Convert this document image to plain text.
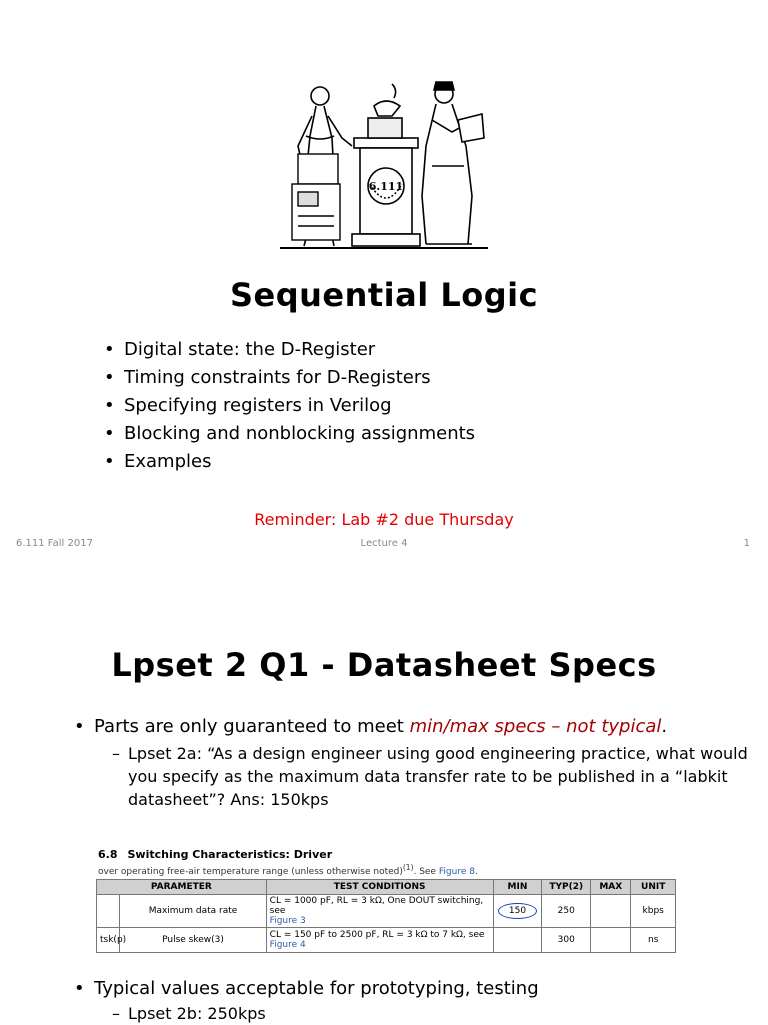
6.111
Sequential Logic
• Digital state: the D-Register
• Timing constraints for D-Registers
• Specifying registers in Verilog
• Blocking and nonblocking assignments
• Examples
Reminder: Lab #2 due Thursday
6.111 Fall 2017	Lecture 4	1
Lpset 2 Q1 - Datasheet Specs
• Parts are only guaranteed to meet min/max specs – not typical.
– Lpset 2a: “As a design engineer using good engineering practice, what would you specify as the maximum data transfer rate to be published in a “labkit datasheet”? Ans: 150kps
6.8 Switching Characteristics: Driver
over operating free-air temperature range (unless otherwise noted)$^{(1)}$. See Figure 8.
PARAMETER		TEST CONDITIONS	MIN	TYP(2)	MAX	UNIT
	Maximum data rate	CL = 1000 pF, RL = 3 kΩ, One DOUT switching, see
Figure 3	150	250		kbps
tsk(p)	Pulse skew(3)	CL = 150 pF to 2500 pF, RL = 3 kΩ to 7 kΩ, see
Figure 4		300		ns
• Typical values acceptable for prototyping, testing
– Lpset 2b: 250kps
